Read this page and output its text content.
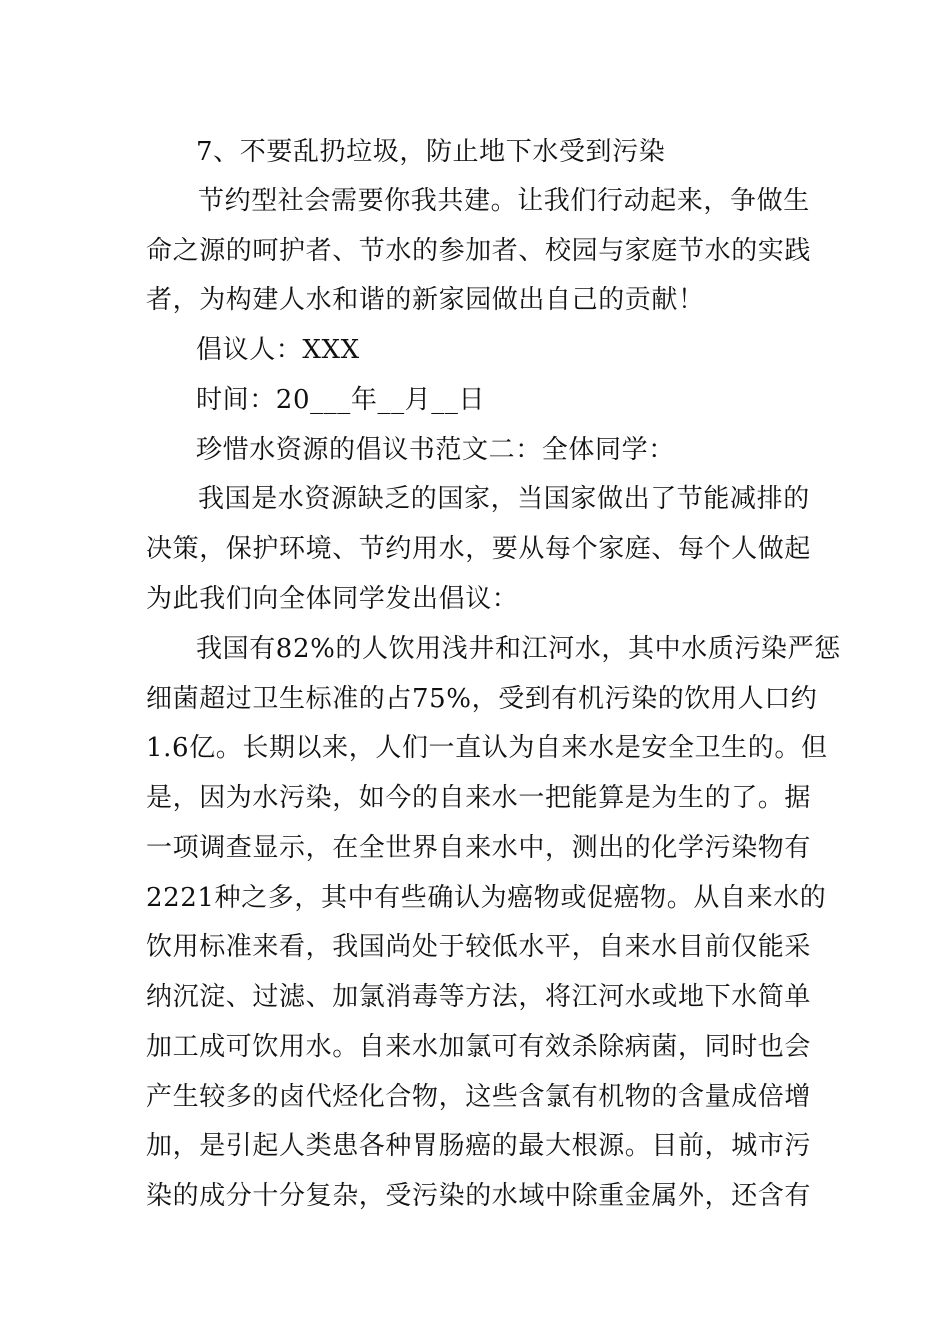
7、不要乱扔垃圾，防止地下水受到污染
节约型社会需要你我共建。让我们行动起来，争做生
命之源的呵护者、节水的参加者、校园与家庭节水的实践
者，为构建人水和谐的新家园做出自己的贡献！
倡议人：XXX
时间：20___年__月__日
珍惜水资源的倡议书范文二：全体同学：
我国是水资源缺乏的国家，当国家做出了节能减排的
决策，保护环境、节约用水，要从每个家庭、每个人做起
为此我们向全体同学发出倡议：
我国有82%的人饮用浅井和江河水，其中水质污染严惩
细菌超过卫生标准的占75%，受到有机污染的饮用人口约
1.6亿。长期以来，人们一直认为自来水是安全卫生的。但
是，因为水污染，如今的自来水一把能算是为生的了。据
一项调查显示，在全世界自来水中，测出的化学污染物有
2221种之多，其中有些确认为癌物或促癌物。从自来水的
饮用标准来看，我国尚处于较低水平，自来水目前仅能采
纳沉淀、过滤、加氯消毒等方法，将江河水或地下水简单
加工成可饮用水。自来水加氯可有效杀除病菌，同时也会
产生较多的卤代烃化合物，这些含氯有机物的含量成倍增
加，是引起人类患各种胃肠癌的最大根源。目前，城市污
染的成分十分复杂，受污染的水域中除重金属外，还含有
